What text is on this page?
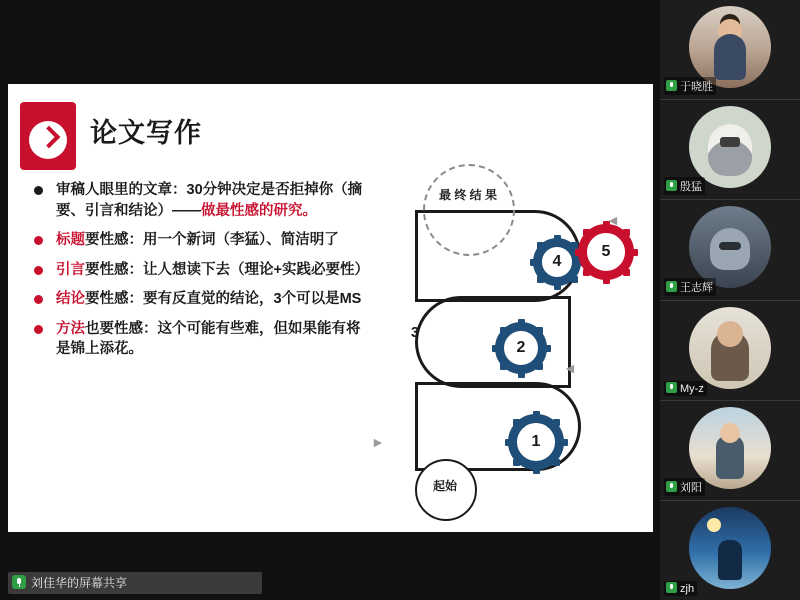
论文写作
审稿人眼里的文章：30分钟决定是否拒掉你（摘要、引言和结论）——做最性感的研究。
标题要性感：用一个新词（李猛）、简洁明了
引言要性感：让人想读下去（理论+实践必要性）
结论要性感：要有反直觉的结论，3个可以是MS
方法也要性感：这个可能有些难，但如果能有将是锦上添花。
最 终 结 果
起始
3
1
2
4
5
◄
◄
►
刘佳华的屏幕共享
于晓胜
殷猛
王志辉
My-z
刘阳
zjh
